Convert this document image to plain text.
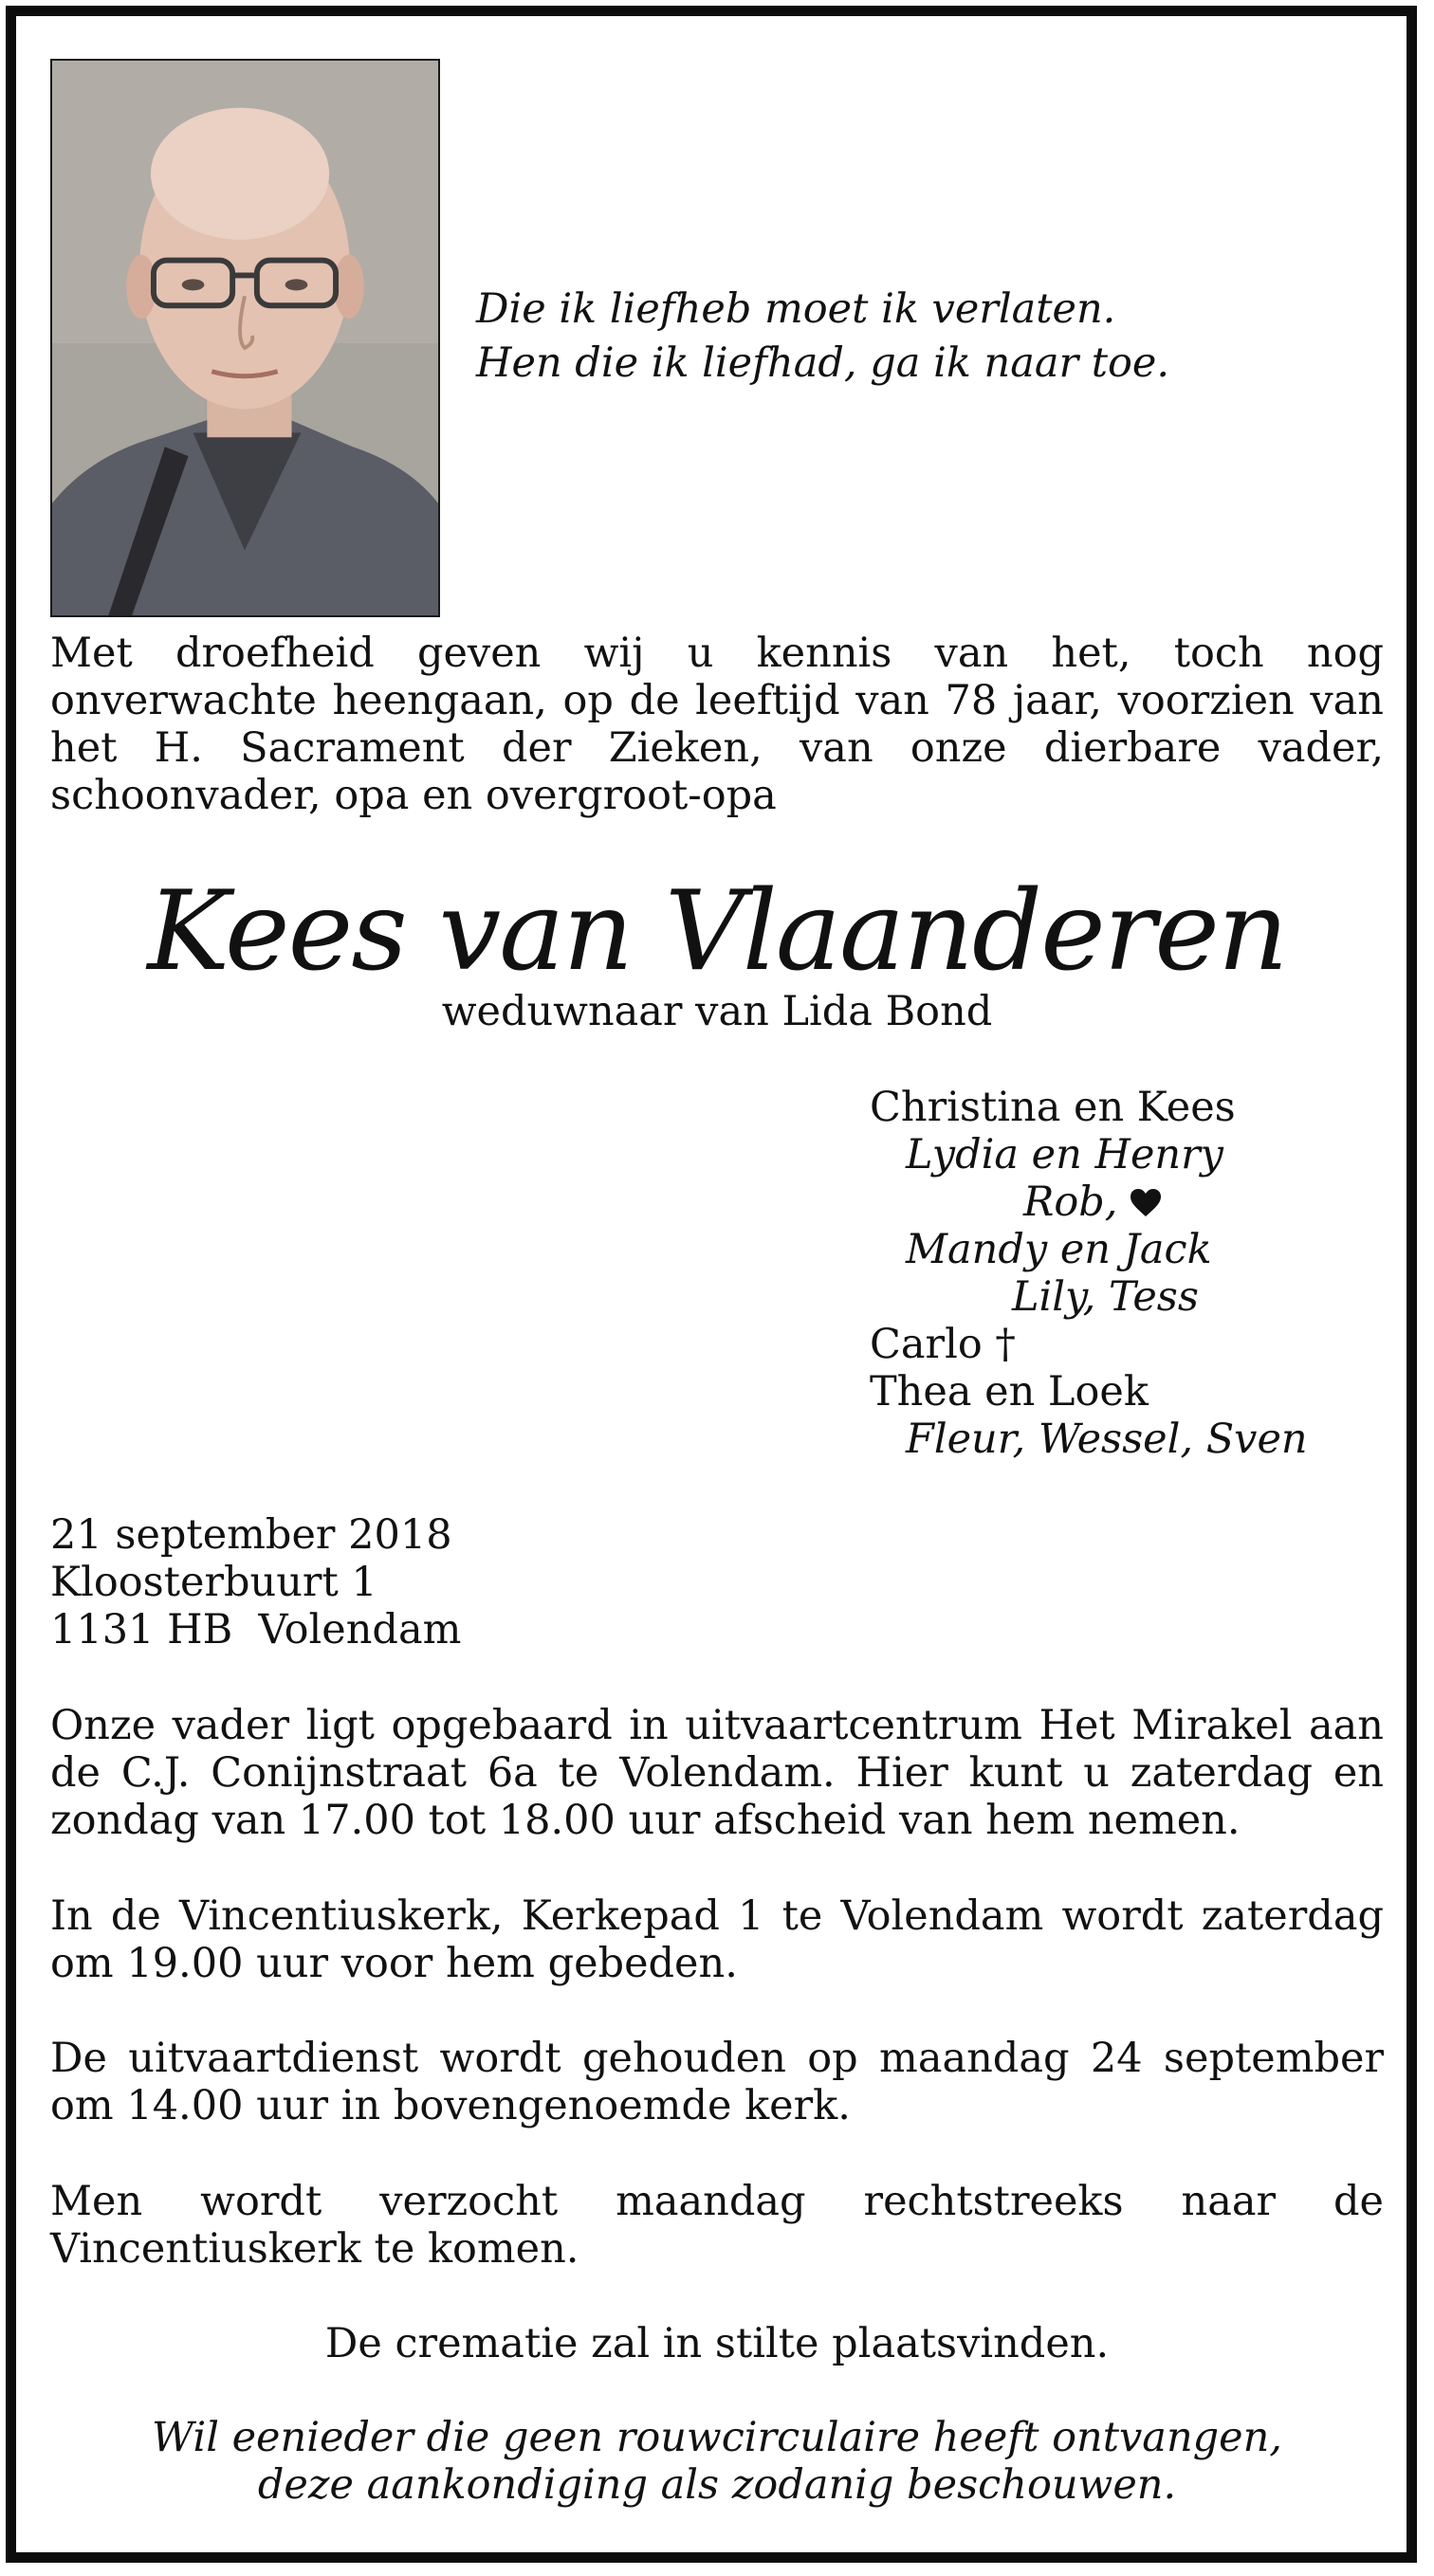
Die ik liefheb moet ik verlaten.
Hen die ik liefhad, ga ik naar toe.
Met droefheid geven wij u kennis van het, toch nog onverwachte heengaan, op de leeftijd van 78 jaar, voorzien van het H. Sacrament der Zieken, van onze dierbare vader, schoonvader, opa en overgroot-opa
Kees van Vlaanderen
weduwnaar van Lida Bond
Christina en Kees
Lydia en Henry
Rob,
Mandy en Jack
Lily, Tess
Carlo †
Thea en Loek
Fleur, Wessel, Sven
21 september 2018
Kloosterbuurt 1
1131 HB  Volendam
Onze vader ligt opgebaard in uitvaartcentrum Het Mirakel aan de C.J. Conijnstraat 6a te Volendam. Hier kunt u zaterdag en zondag van 17.00 tot 18.00 uur afscheid van hem nemen.
In de Vincentiuskerk, Kerkepad 1 te Volendam wordt zaterdag om 19.00 uur voor hem gebeden.
De uitvaartdienst wordt gehouden op maandag 24 september om 14.00 uur in bovengenoemde kerk.
Men wordt verzocht maandag rechtstreeks naar de Vincentiuskerk te komen.
De crematie zal in stilte plaatsvinden.
Wil eenieder die geen rouwcirculaire heeft ontvangen,
deze aankondiging als zodanig beschouwen.
